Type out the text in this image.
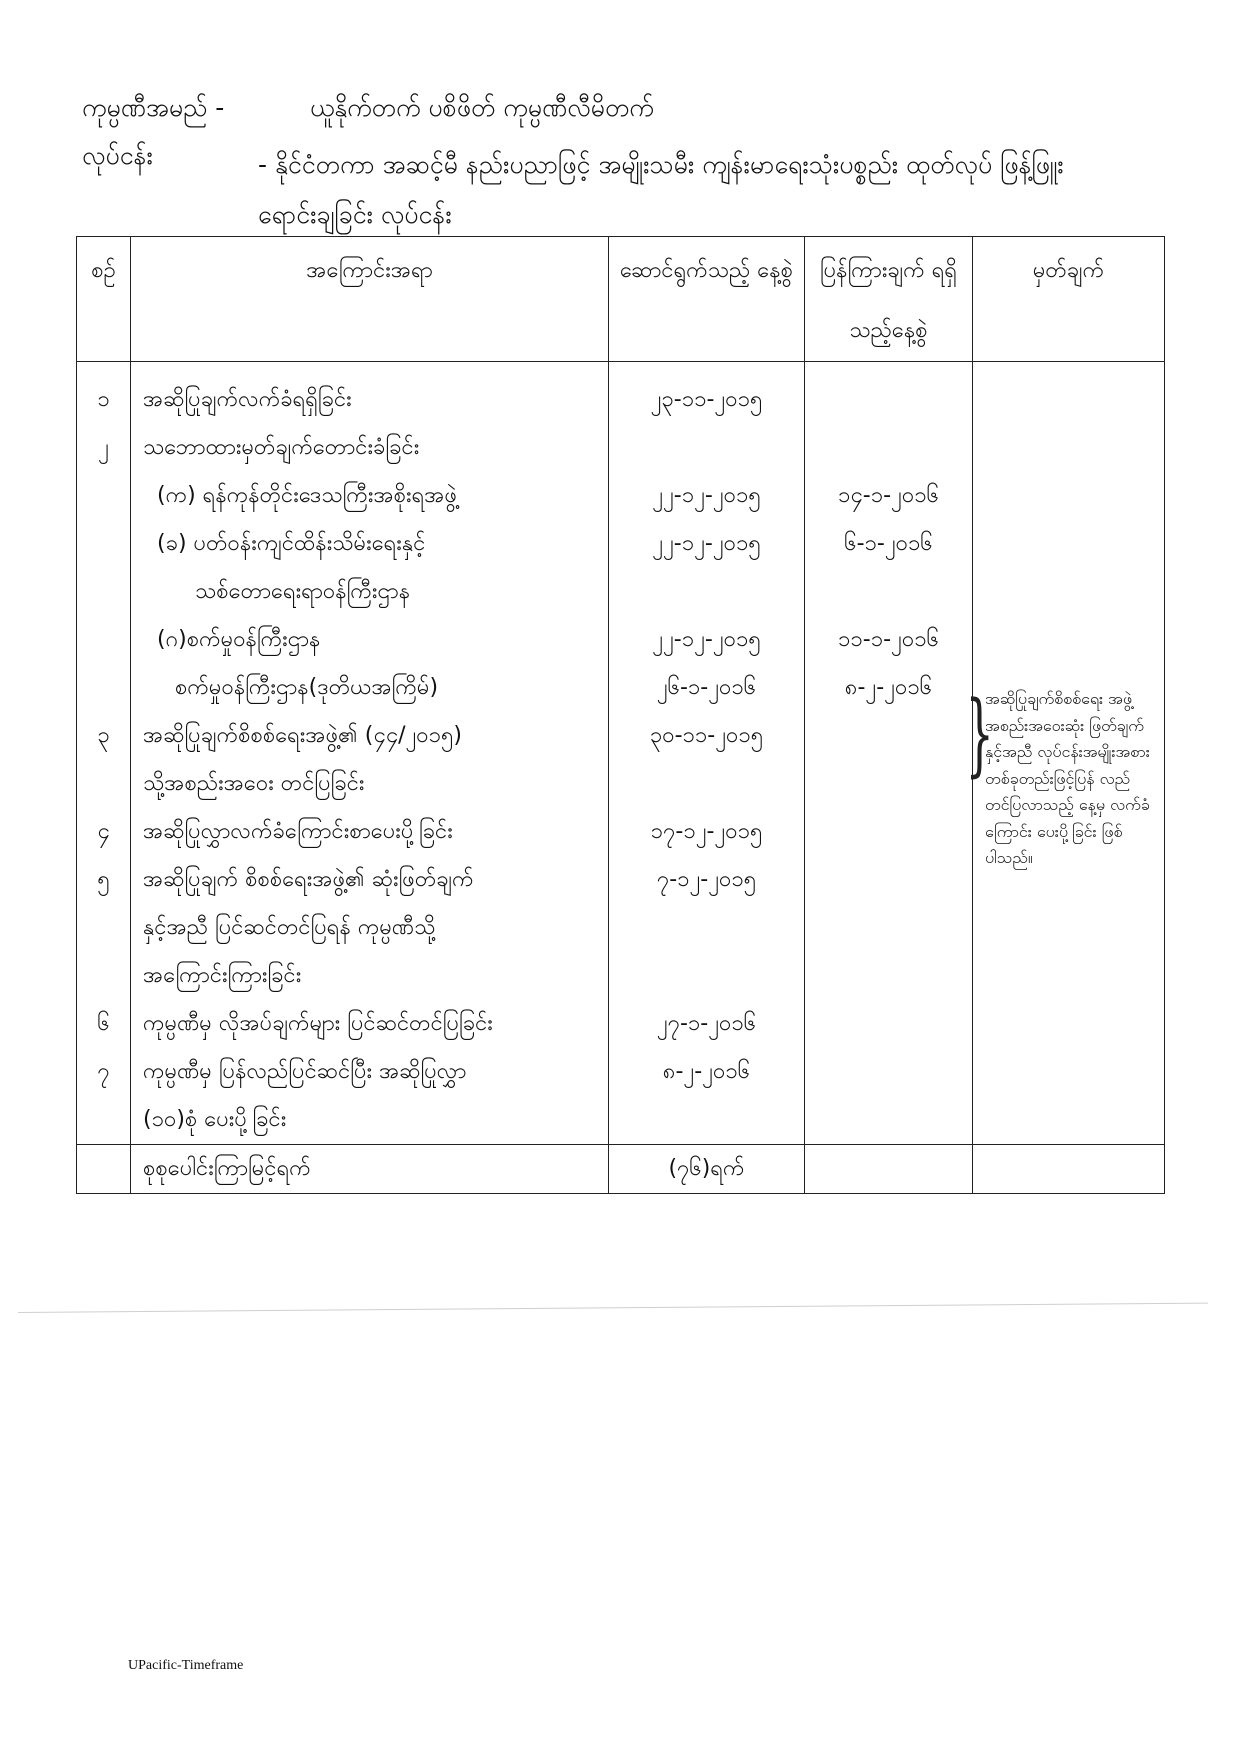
ကုမ္ပဏီအမည် -	ယူနိုက်တက် ပစိဖိတ် ကုမ္ပဏီလီမိတက်
လုပ်ငန်း	- နိုင်ငံတကာ အဆင့်မီ နည်းပညာဖြင့် အမျိုးသမီး ကျန်းမာရေးသုံးပစ္စည်း ထုတ်လုပ် ဖြန့်ဖြူးရောင်းချခြင်း လုပ်ငန်း
စဉ်	အကြောင်းအရာ	ဆောင်ရွက်သည့် နေ့စွဲ	ပြန်ကြားချက် ရရှိသည့်နေ့စွဲ	မှတ်ချက်
၁	အဆိုပြုချက်လက်ခံရရှိခြင်း	၂၃-၁၁-၂၀၁၅		}
အဆိုပြုချက်စိစစ်ရေး အဖွဲ့အစည်းအဝေးဆုံး ဖြတ်ချက်နှင့်အညီ လုပ်ငန်းအမျိုးအစား တစ်ခုတည်းဖြင့်ပြန် လည်တင်ပြလာသည့် နေ့မှ လက်ခံကြောင်း ပေးပို့ခြင်း ဖြစ်ပါသည်။

၂	သဘောထားမှတ်ချက်တောင်းခံခြင်း			
	(က) ရန်ကုန်တိုင်းဒေသကြီးအစိုးရအဖွဲ့	၂၂-၁၂-၂၀၁၅	၁၄-၁-၂၀၁၆	
	(ခ) ပတ်ဝန်းကျင်ထိန်းသိမ်းရေးနှင့်	၂၂-၁၂-၂၀၁၅	၆-၁-၂၀၁၆	
	သစ်တောရေးရာဝန်ကြီးဌာန			
	(ဂ)စက်မှုဝန်ကြီးဌာန	၂၂-၁၂-၂၀၁၅	၁၁-၁-၂၀၁၆	
	စက်မှုဝန်ကြီးဌာန(ဒုတိယအကြိမ်)	၂၆-၁-၂၀၁၆	၈-၂-၂၀၁၆	
၃	အဆိုပြုချက်စိစစ်ရေးအဖွဲ့၏ (၄၄/၂၀၁၅)	၃၀-၁၁-၂၀၁၅		
	သို့အစည်းအဝေး တင်ပြခြင်း			
၄	အဆိုပြုလွှာလက်ခံကြောင်းစာပေးပို့ခြင်း	၁၇-၁၂-၂၀၁၅		
၅	အဆိုပြုချက် စိစစ်ရေးအဖွဲ့၏ ဆုံးဖြတ်ချက်	၇-၁၂-၂၀၁၅		
	နှင့်အညီ ပြင်ဆင်တင်ပြရန် ကုမ္ပဏီသို့			
	အကြောင်းကြားခြင်း			
၆	ကုမ္ပဏီမှ လိုအပ်ချက်များ ပြင်ဆင်တင်ပြခြင်း	၂၇-၁-၂၀၁၆		
၇	ကုမ္ပဏီမှ ပြန်လည်ပြင်ဆင်ပြီး အဆိုပြုလွှာ	၈-၂-၂၀၁၆		
	(၁၀)စုံ ပေးပို့ခြင်း			
	စုစုပေါင်းကြာမြင့်ရက်	(၇၆)ရက်		
UPacific-Timeframe
